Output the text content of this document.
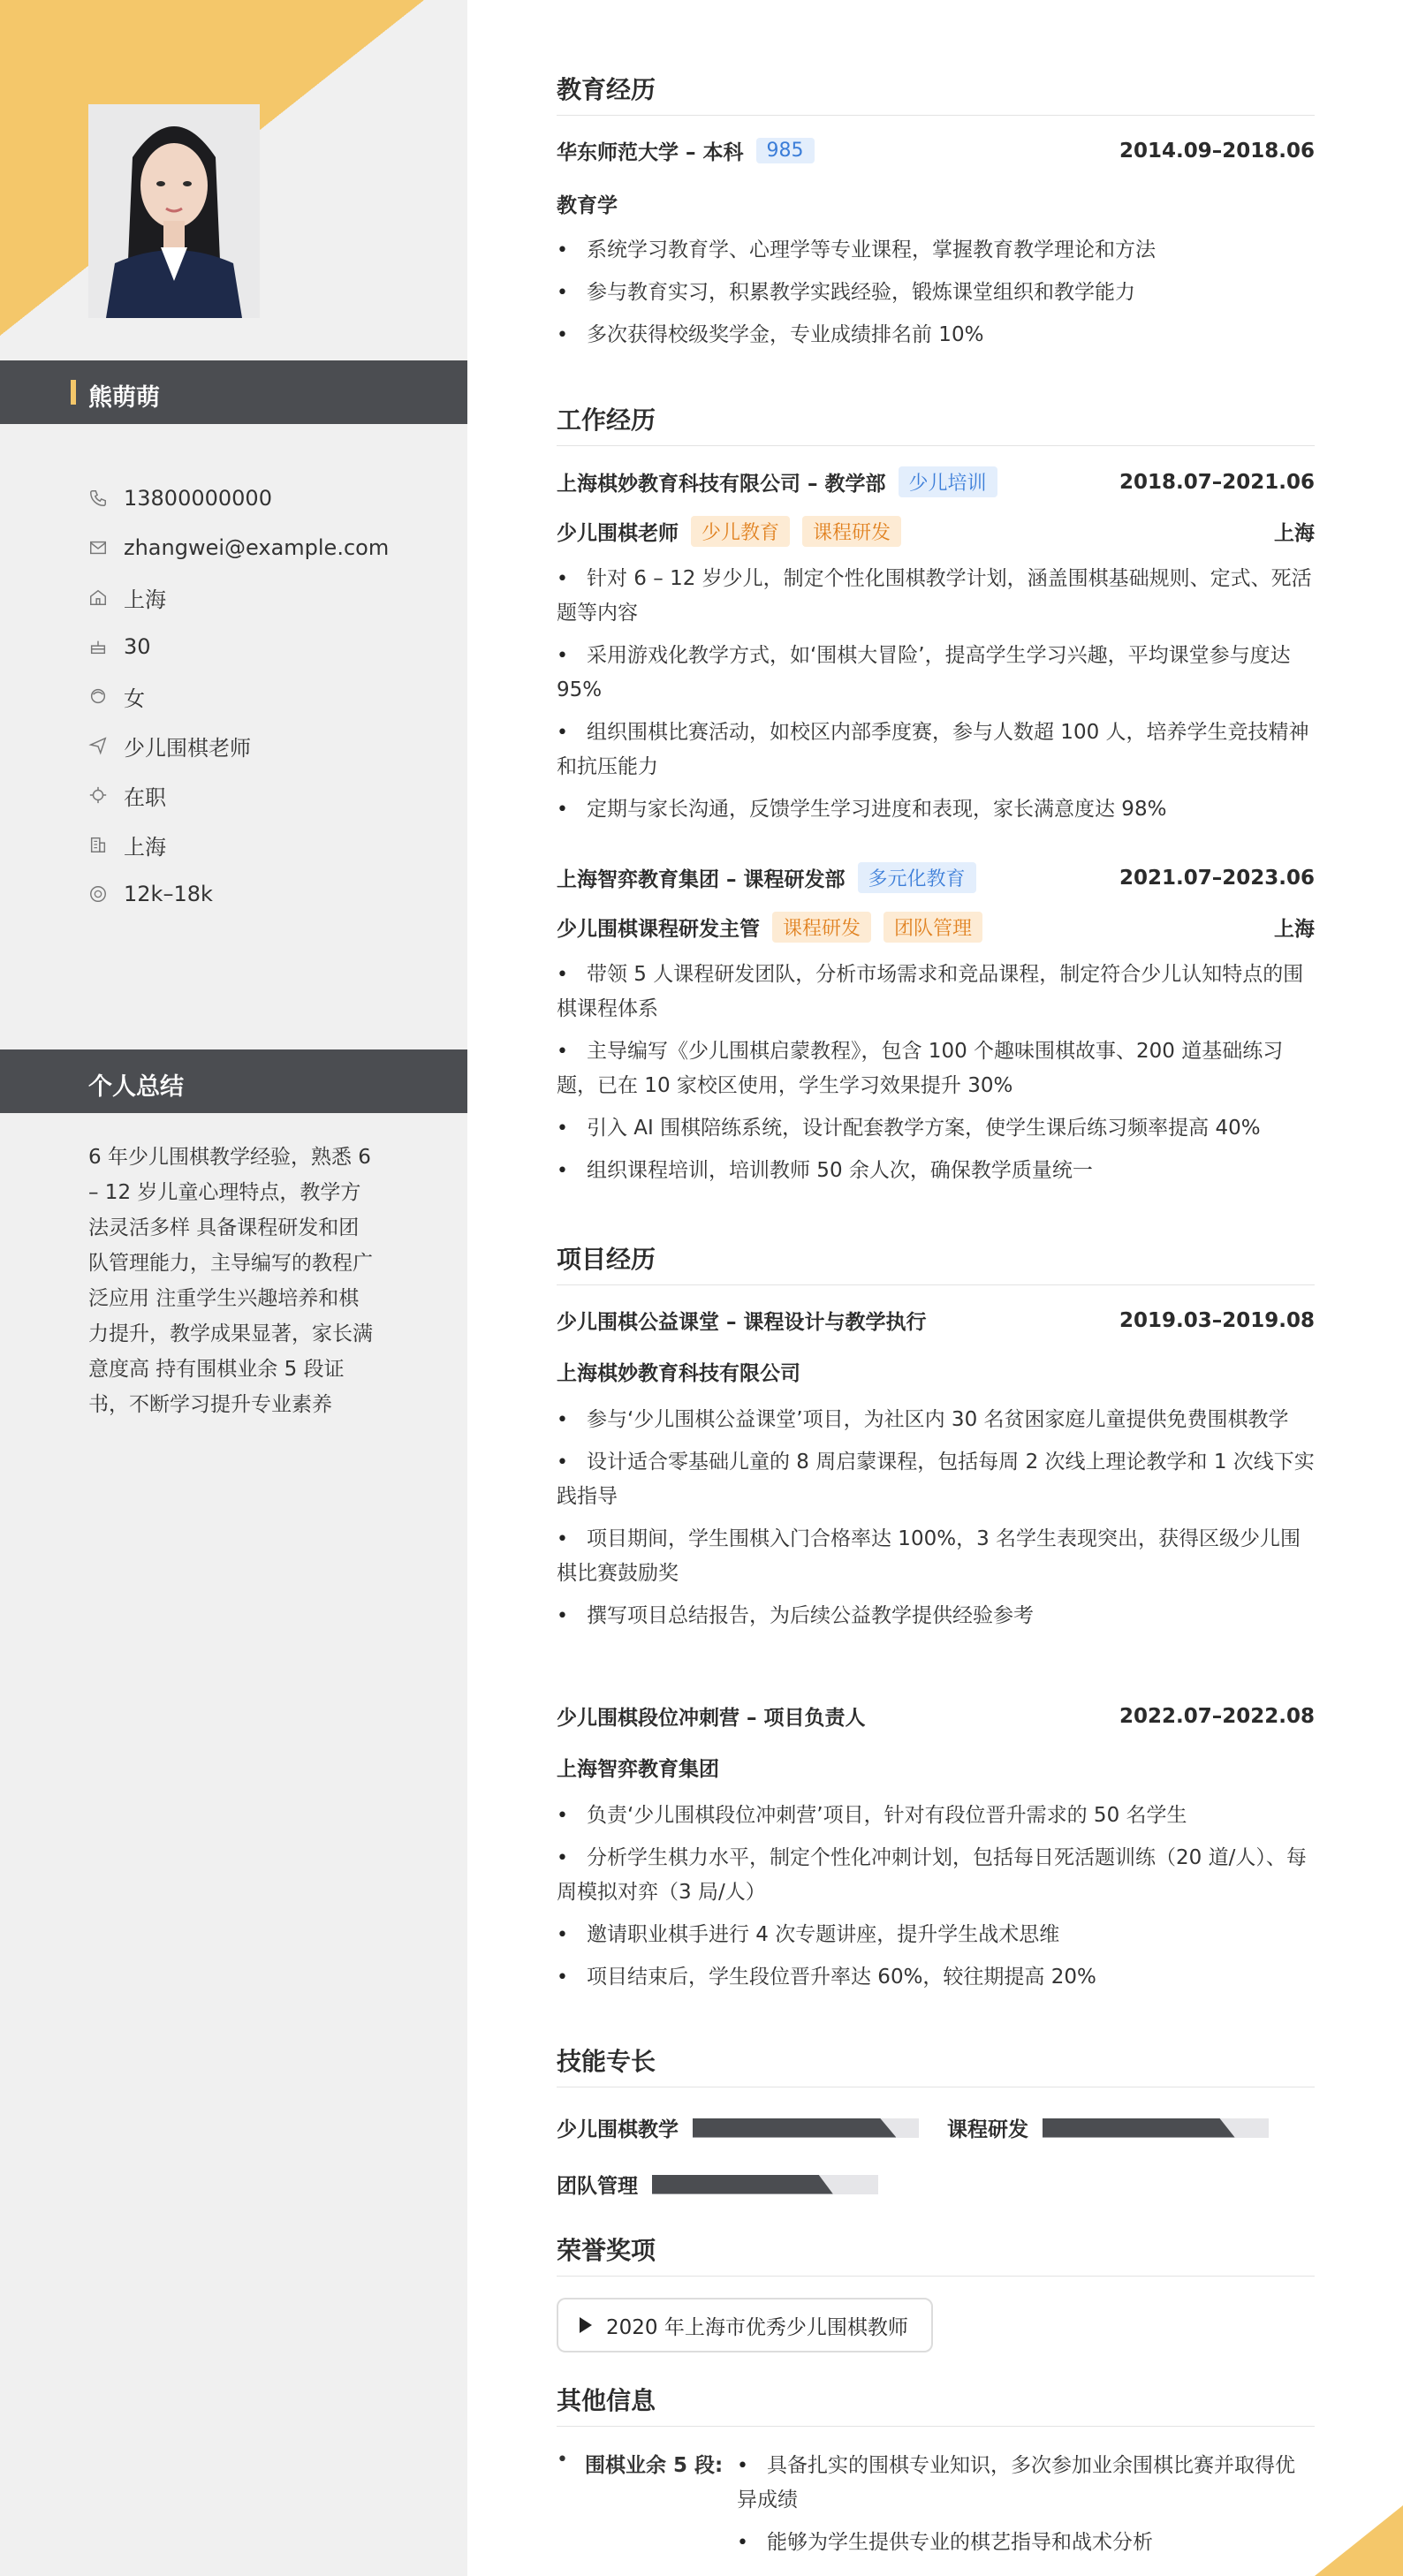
熊萌萌
13800000000
zhangwei@example.com
上海
30
女
少儿围棋老师
在职
上海
12k–18k
个人总结
6 年少儿围棋教学经验，熟悉 6 – 12 岁儿童心理特点，教学方法灵活多样 具备课程研发和团队管理能力，主导编写的教程广泛应用 注重学生兴趣培养和棋力提升，教学成果显著，家长满意度高 持有围棋业余 5 段证书，不断学习提升专业素养
教育经历
华东师范大学 – 本科	985	2014.09–2018.06
教育学
• 系统学习教育学、心理学等专业课程，掌握教育教学理论和方法
• 参与教育实习，积累教学实践经验，锻炼课堂组织和教学能力
• 多次获得校级奖学金，专业成绩排名前 10%
工作经历
上海棋妙教育科技有限公司 – 教学部	少儿培训	2018.07–2021.06
少儿围棋老师	少儿教育	课程研发	上海
• 针对 6 – 12 岁少儿，制定个性化围棋教学计划，涵盖围棋基础规则、定式、死活题等内容
• 采用游戏化教学方式，如‘围棋大冒险’，提高学生学习兴趣，平均课堂参与度达 95%
• 组织围棋比赛活动，如校区内部季度赛，参与人数超 100 人，培养学生竞技精神和抗压能力
• 定期与家长沟通，反馈学生学习进度和表现，家长满意度达 98%
上海智弈教育集团 – 课程研发部	多元化教育	2021.07–2023.06
少儿围棋课程研发主管	课程研发	团队管理	上海
• 带领 5 人课程研发团队，分析市场需求和竞品课程，制定符合少儿认知特点的围棋课程体系
• 主导编写《少儿围棋启蒙教程》，包含 100 个趣味围棋故事、200 道基础练习题，已在 10 家校区使用，学生学习效果提升 30%
• 引入 AI 围棋陪练系统，设计配套教学方案，使学生课后练习频率提高 40%
• 组织课程培训，培训教师 50 余人次，确保教学质量统一
项目经历
少儿围棋公益课堂 – 课程设计与教学执行	2019.03–2019.08
上海棋妙教育科技有限公司
• 参与‘少儿围棋公益课堂’项目，为社区内 30 名贫困家庭儿童提供免费围棋教学
• 设计适合零基础儿童的 8 周启蒙课程，包括每周 2 次线上理论教学和 1 次线下实践指导
• 项目期间，学生围棋入门合格率达 100%，3 名学生表现突出，获得区级少儿围棋比赛鼓励奖
• 撰写项目总结报告，为后续公益教学提供经验参考
少儿围棋段位冲刺营 – 项目负责人	2022.07–2022.08
上海智弈教育集团
• 负责‘少儿围棋段位冲刺营’项目，针对有段位晋升需求的 50 名学生
• 分析学生棋力水平，制定个性化冲刺计划，包括每日死活题训练（20 道/人）、每周模拟对弈（3 局/人）
• 邀请职业棋手进行 4 次专题讲座，提升学生战术思维
• 项目结束后，学生段位晋升率达 60%，较往期提高 20%
技能专长
少儿围棋教学	课程研发
团队管理
荣誉奖项
2020 年上海市优秀少儿围棋教师
其他信息
• 围棋业余 5 段:
•	具备扎实的围棋专业知识，多次参加业余围棋比赛并取得优异成绩
• 能够为学生提供专业的棋艺指导和战术分析
